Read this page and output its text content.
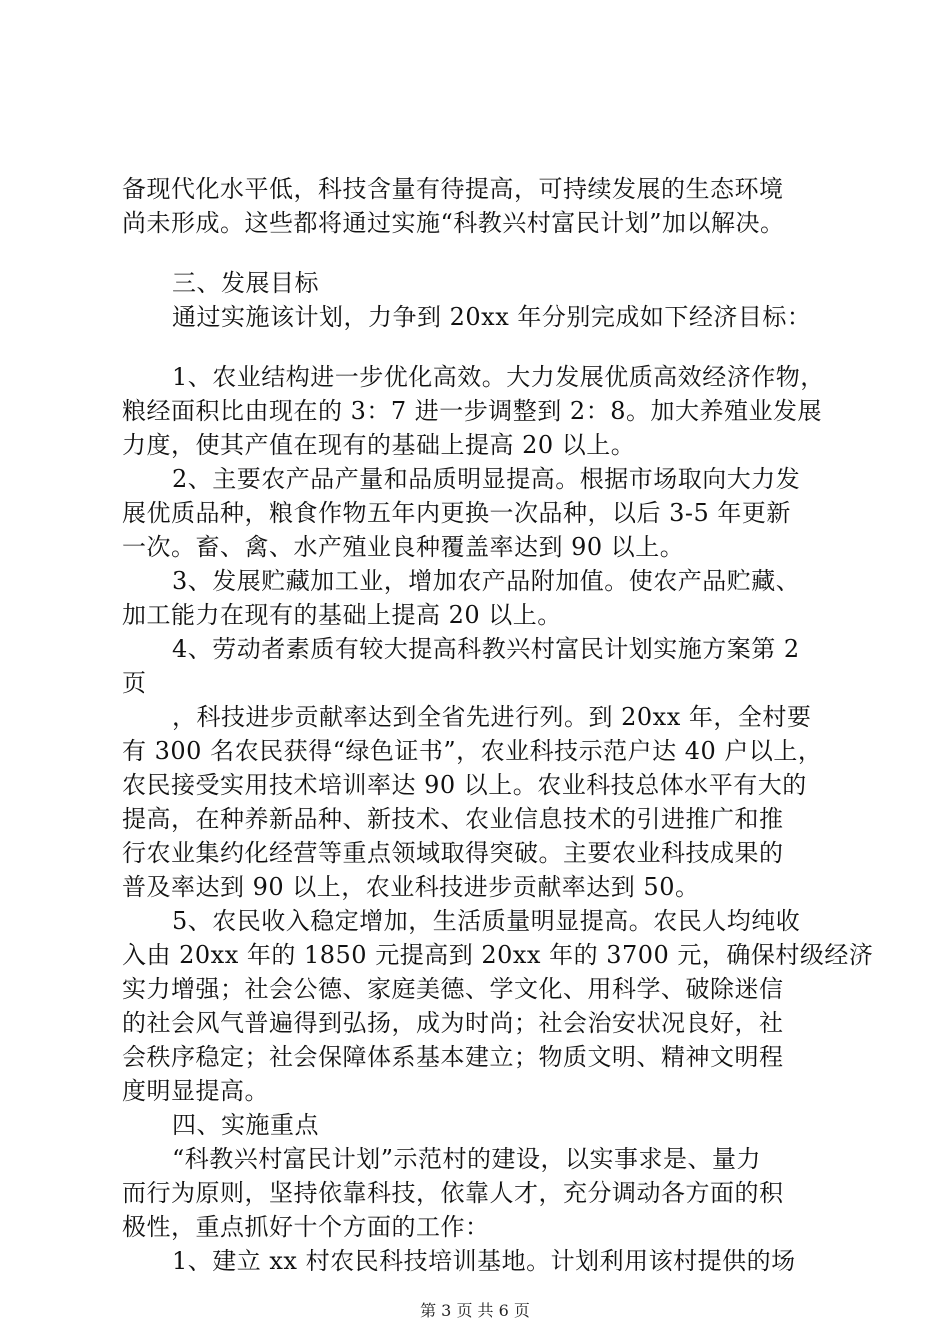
备现代化水平低，科技含量有待提高，可持续发展的生态环境
尚未形成。这些都将通过实施“科教兴村富民计划”加以解决。
三、发展目标
通过实施该计划，力争到 20xx 年分别完成如下经济目标：
1、农业结构进一步优化高效。大力发展优质高效经济作物，
粮经面积比由现在的 3：7 进一步调整到 2：8。加大养殖业发展
力度，使其产值在现有的基础上提高 20 以上。
2、主要农产品产量和品质明显提高。根据市场取向大力发
展优质品种，粮食作物五年内更换一次品种，以后 3-5 年更新
一次。畜、禽、水产殖业良种覆盖率达到 90 以上。
3、发展贮藏加工业，增加农产品附加值。使农产品贮藏、
加工能力在现有的基础上提高 20 以上。
4、劳动者素质有较大提高科教兴村富民计划实施方案第 2
页
，科技进步贡献率达到全省先进行列。到 20xx 年，全村要
有 300 名农民获得“绿色证书”，农业科技示范户达 40 户以上，
农民接受实用技术培训率达 90 以上。农业科技总体水平有大的
提高，在种养新品种、新技术、农业信息技术的引进推广和推
行农业集约化经营等重点领域取得突破。主要农业科技成果的
普及率达到 90 以上，农业科技进步贡献率达到 50。
5、农民收入稳定增加，生活质量明显提高。农民人均纯收
入由 20xx 年的 1850 元提高到 20xx 年的 3700 元，确保村级经济
实力增强；社会公德、家庭美德、学文化、用科学、破除迷信
的社会风气普遍得到弘扬，成为时尚；社会治安状况良好，社
会秩序稳定；社会保障体系基本建立；物质文明、精神文明程
度明显提高。
四、实施重点
“科教兴村富民计划”示范村的建设，以实事求是、量力
而行为原则，坚持依靠科技，依靠人才，充分调动各方面的积
极性，重点抓好十个方面的工作：
1、建立 xx 村农民科技培训基地。计划利用该村提供的场
第 3 页 共 6 页
